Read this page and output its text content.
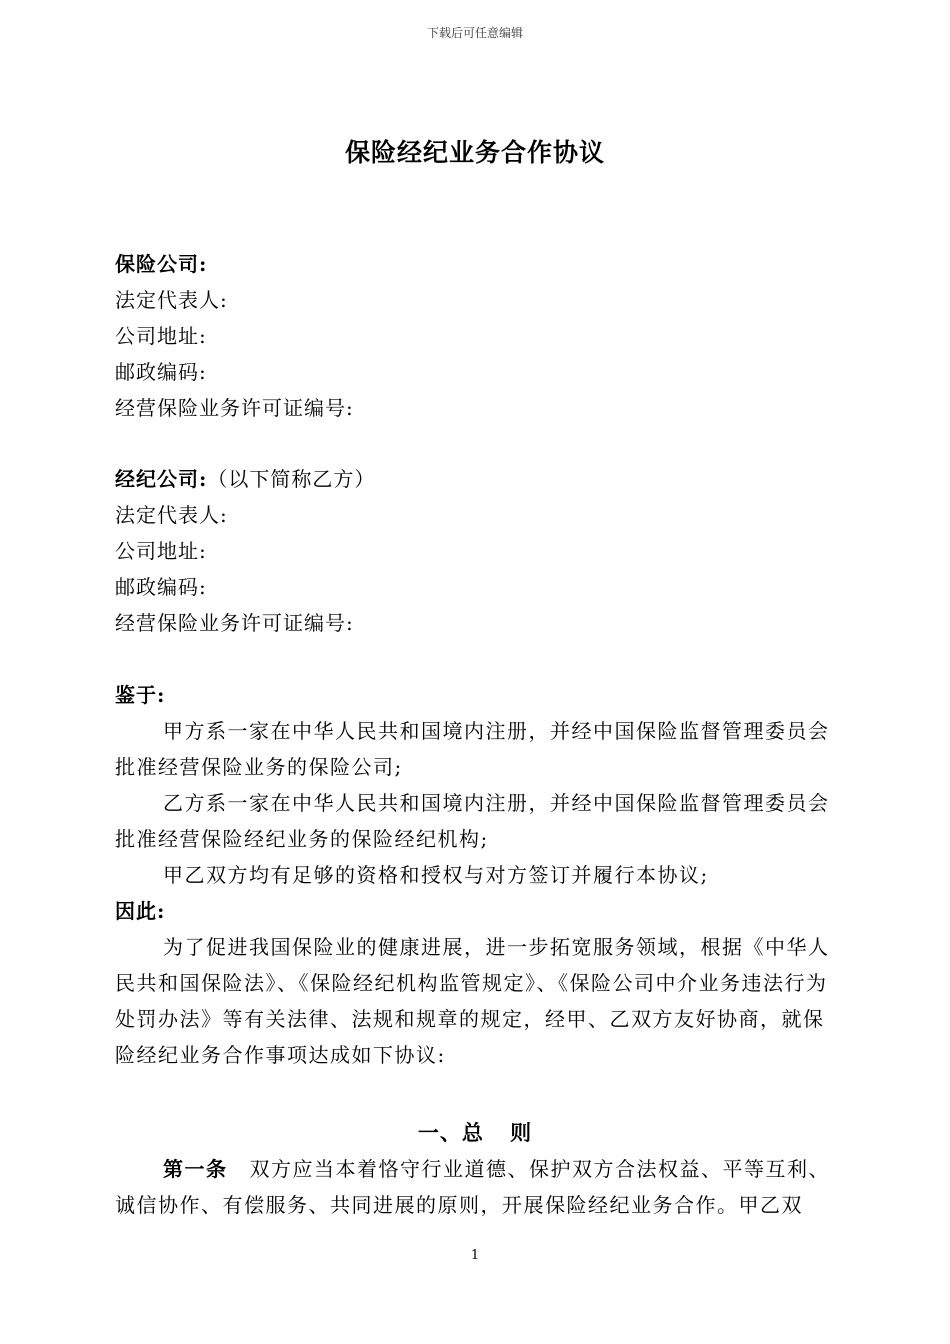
下载后可任意编辑
保险经纪业务合作协议
保险公司:
法定代表人:
公司地址:
邮政编码:
经营保险业务许可证编号:
经纪公司:（以下简称乙方）
法定代表人:
公司地址:
邮政编码:
经营保险业务许可证编号:
鉴于:
甲方系一家在中华人民共和国境内注册，并经中国保险监督管理委员会批准经营保险业务的保险公司;
乙方系一家在中华人民共和国境内注册，并经中国保险监督管理委员会批准经营保险经纪业务的保险经纪机构;
甲乙双方均有足够的资格和授权与对方签订并履行本协议;
因此:
为了促进我国保险业的健康进展，进一步拓宽服务领域，根据《中华人民共和国保险法》、《保险经纪机构监管规定》、《保险公司中介业务违法行为处罚办法》等有关法律、法规和规章的规定，经甲、乙双方友好协商，就保险经纪业务合作事项达成如下协议:
一、总 则
第一条 双方应当本着恪守行业道德、保护双方合法权益、平等互利、诚信协作、有偿服务、共同进展的原则，开展保险经纪业务合作。甲乙双
1
